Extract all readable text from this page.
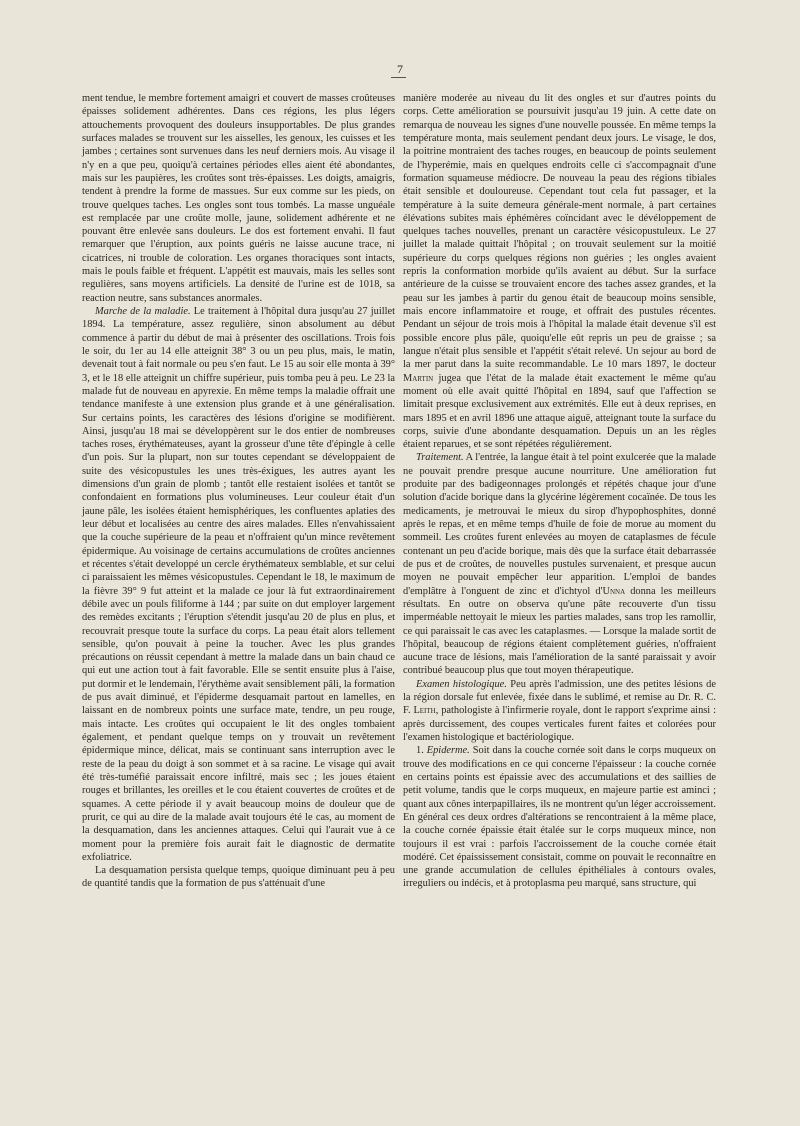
7

ment tendue, le membre fortement amaigri et couvert de masses croûteuses épaisses solidement adhérentes. Dans ces régions, les plus légers attouchements provoquent des douleurs insupportables. De plus grandes surfaces malades se trouvent sur les aisselles, les genoux, les cuisses et les jambes ; certaines sont survenues dans les neuf derniers mois. Au visage il n'y en a que peu, quoiqu'à certaines périodes elles aient été abondantes, mais sur les paupières, les croûtes sont très-épaisses. Les doigts, amaigris, tendent à prendre la forme de massues. Sur eux comme sur les pieds, on trouve quelques taches. Les ongles sont tous tombés. La masse unguéale est remplacée par une croûte molle, jaune, solidement adhérente et ne pouvant être enlevée sans douleurs. Le dos est fortement envahi. Il faut remarquer que l'éruption, aux points guéris ne laisse aucune trace, ni cicatrices, ni trouble de coloration. Les organes thoraciques sont intacts, mais le pouls faible et fréquent. L'appétit est mauvais, mais les selles sont regulières, sans moyens artificiels. La densité de l'urine est de 1018, sa reaction neutre, sans substances anormales.

Marche de la maladie. Le traitement à l'hôpital dura jusqu'au 27 juillet 1894. La température, assez regulière, sinon absolument au début commence à partir du début de mai à présenter des oscillations. Trois fois le soir, du 1er au 14 elle atteignit 38° 3 ou un peu plus, mais, le matin, devenait tout à fait normale ou peu s'en faut. Le 15 au soir elle monta à 39° 3, et le 18 elle atteignit un chiffre supérieur, puis tomba peu à peu. Le 23 la malade fut de nouveau en apyrexie. En même temps la maladie offrait une tendance manifeste à une extension plus grande et à une généralisation. Sur certains points, les caractères des lésions d'origine se modifièrent. Ainsi, jusqu'au 18 mai se développèrent sur le dos entier de nombreuses taches roses, érythémateuses, ayant la grosseur d'une tête d'épingle à celle d'un pois. Sur la plupart, non sur toutes cependant se développaient de suite des vésicopustules les unes très-éxigues, les autres ayant les dimensions d'un grain de plomb ; tantôt elle restaient isolées et tantôt se confondaient en formations plus volumineuses. Leur couleur était d'un jaune pâle, les isolées étaient hemisphériques, les confluentes aplaties des leur début et localisées au centre des aires malades. Elles n'envahissaient que la couche supérieure de la peau et n'offraient qu'un mince revêtement épidermique. Au voisinage de certains accumulations de croûtes anciennes et récentes s'était developpé un cercle érythémateux semblable, et sur celui ci paraissaient les mêmes vésicopustules. Cependant le 18, le maximum de la fièvre 39° 9 fut atteint et la malade ce jour là fut extraordinairement débile avec un pouls filiforme à 144 ; par suite on dut employer largement des remèdes excitants ; l'éruption s'étendit jusqu'au 20 de plus en plus, et recouvrait presque toute la surface du corps. La peau était alors tellement sensible, qu'on pouvait à peine la toucher. Avec les plus grandes précautions on réussit cependant à mettre la malade dans un bain chaud ce qui eut une action tout à fait favorable. Elle se sentit ensuite plus à l'aise, put dormir et le lendemain, l'érythème avait sensiblement pâli, la formation de pus avait diminué, et l'épiderme desquamait partout en lamelles, en laissant en de nombreux points une surface mate, tendre, un peu rouge, mais intacte. Les croûtes qui occupaient le lit des ongles tombaient également, et pendant quelque temps on y trouvait un revêtement épidermique mince, délicat, mais se continuant sans interruption avec le reste de la peau du doigt à son sommet et à sa racine. Le visage qui avait été très-tuméfié paraissait encore infiltré, mais sec ; les joues étaient rouges et brillantes, les oreilles et le cou étaient couvertes de croûtes et de squames. A cette période il y avait beaucoup moins de douleur que de prurit, ce qui au dire de la malade avait toujours été le cas, au moment de la desquamation, dans les anciennes attaques. Celui qui l'aurait vue à ce moment pour la première fois aurait fait le diagnostic de dermatite exfoliatrice.

La desquamation persista quelque temps, quoique diminuant peu à peu de quantité tandis que la formation de pus s'atténuait d'une

manière moderée au niveau du lit des ongles et sur d'autres points du corps. Cette amélioration se poursuivit jusqu'au 19 juin. A cette date on remarqua de nouveau les signes d'une nouvelle poussée. En même temps la température monta, mais seulement pendant deux jours. Le visage, le dos, la poitrine montraient des taches rouges, en beaucoup de points seulement de l'hyperémie, mais en quelques endroits celle ci s'accompagnait d'une formation squameuse médiocre. De nouveau la peau des régions tibiales était sensible et douloureuse. Cependant tout cela fut passager, et la température à la suite demeura générale-ment normale, à part certaines élévations subites mais éphémères coïncidant avec le dévéloppement de quelques taches nouvelles, prenant un caractère vésicopustuleux. Le 27 juillet la malade quittait l'hôpital ; on trouvait seulement sur la moitié supérieure du corps quelques régions non guéries ; les ongles avaient repris la conformation morbide qu'ils avaient au début. Sur la surface antérieure de la cuisse se trouvaient encore des taches assez grandes, et la peau sur les jambes à partir du genou était de beaucoup moins sensible, mais encore inflammatoire et rouge, et offrait des pustules récentes. Pendant un séjour de trois mois à l'hôpital la malade était devenue s'il est possible encore plus pâle, quoiqu'elle eût repris un peu de graisse ; sa langue n'était plus sensible et l'appétit s'était relevé. Un sejour au bord de la mer parut dans la suite recommandable. Le 10 mars 1897, le docteur Martin jugea que l'état de la malade était exactement le même qu'au moment où elle avait quitté l'hôpital en 1894, sauf que l'affection se limitait presque exclusivement aux extrémités. Elle eut à deux reprises, en mars 1895 et en avril 1896 une attaque aiguë, atteignant toute la surface du corps, suivie d'une abondante desquamation. Depuis un an les règles étaient reparues, et se sont répétées régulièrement.

Traitement. A l'entrée, la langue était à tel point exulcerée que la malade ne pouvait prendre presque aucune nourriture. Une amélioration fut produite par des badigeonnages prolongés et répétés chaque jour d'une solution d'acide borique dans la glycérine légèrement cocaïnée. De tous les medicaments, je metrouvai le mieux du sirop d'hypophosphites, donné après le repas, et en même temps d'huile de foie de morue au moment du sommeil. Les croûtes furent enlevées au moyen de cataplasmes de fécule contenant un peu d'acide borique, mais dès que la surface était debarrassée de pus et de croûtes, de nouvelles pustules survenaient, et presque aucun moyen ne pouvait empêcher leur apparition. L'emploi de bandes d'emplâtre à l'onguent de zinc et d'ichtyol d'Unna donna les meilleurs résultats. En outre on observa qu'une pâte recouverte d'un tissu imperméable nettoyait le mieux les parties malades, sans trop les ramollir, ce qui paraissait le cas avec les cataplasmes. — Lorsque la malade sortit de l'hôpital, beaucoup de régions étaient complètement guéries, n'offraient aucune trace de lésions, mais l'amélioration de la santé paraissait y avoir contribué beaucoup plus que tout moyen thérapeutique.

Examen histologique. Peu après l'admission, une des petites lésions de la région dorsale fut enlevée, fixée dans le sublimé, et remise au Dr. R. C. F. Leith, pathologiste à l'infirmerie royale, dont le rapport s'exprime ainsi : après durcissement, des coupes verticales furent faites et colorées pour l'examen histologique et bactériologique.

1. Epiderme. Soit dans la couche cornée soit dans le corps muqueux on trouve des modifications en ce qui concerne l'épaisseur : la couche cornée en certains points est épaissie avec des accumulations et des saillies de petit volume, tandis que le corps muqueux, en majeure partie est aminci ; quant aux cônes interpapillaires, ils ne montrent qu'un léger accroissement. En général ces deux ordres d'altérations se rencontraient à la même place, la couche cornée épaissie était étalée sur le corps muqueux mince, non toujours il est vrai : parfois l'accroissement de la couche cornée était modéré. Cet épaississement consistait, comme on pouvait le reconnaître en une grande accumulation de cellules épithéliales à contours ovales, irreguliers ou indécis, et à protoplasma peu marqué, sans structure, qui
